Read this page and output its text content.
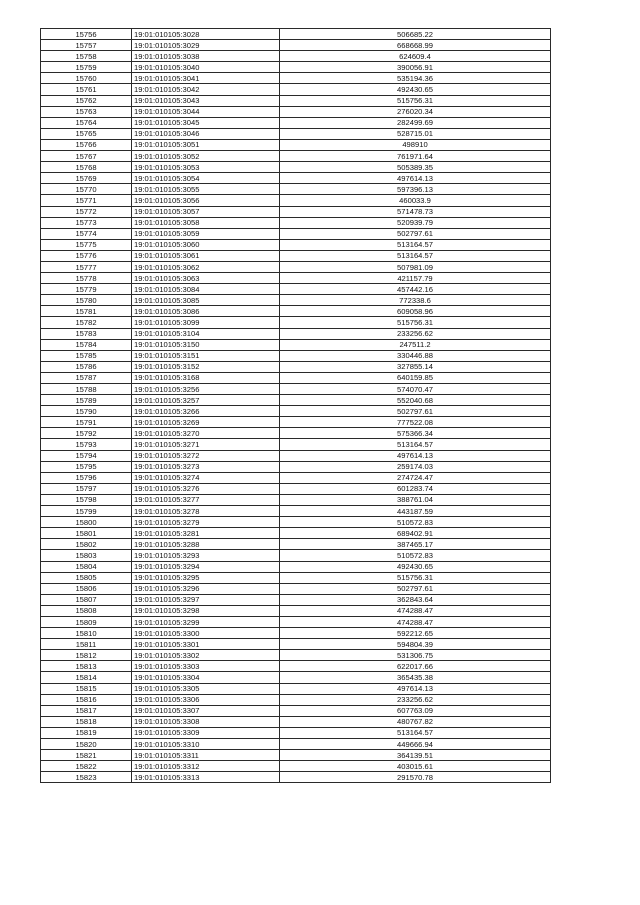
15756	19:01:010105:3028	506685.22
15757	19:01:010105:3029	668668.99
15758	19:01:010105:3038	624609.4
15759	19:01:010105:3040	390056.91
15760	19:01:010105:3041	535194.36
15761	19:01:010105:3042	492430.65
15762	19:01:010105:3043	515756.31
15763	19:01:010105:3044	276020.34
15764	19:01:010105:3045	282499.69
15765	19:01:010105:3046	528715.01
15766	19:01:010105:3051	498910
15767	19:01:010105:3052	761971.64
15768	19:01:010105:3053	505389.35
15769	19:01:010105:3054	497614.13
15770	19:01:010105:3055	597396.13
15771	19:01:010105:3056	460033.9
15772	19:01:010105:3057	571478.73
15773	19:01:010105:3058	520939.79
15774	19:01:010105:3059	502797.61
15775	19:01:010105:3060	513164.57
15776	19:01:010105:3061	513164.57
15777	19:01:010105:3062	507981.09
15778	19:01:010105:3063	421157.79
15779	19:01:010105:3084	457442.16
15780	19:01:010105:3085	772338.6
15781	19:01:010105:3086	609058.96
15782	19:01:010105:3099	515756.31
15783	19:01:010105:3104	233256.62
15784	19:01:010105:3150	247511.2
15785	19:01:010105:3151	330446.88
15786	19:01:010105:3152	327855.14
15787	19:01:010105:3168	640159.85
15788	19:01:010105:3256	574070.47
15789	19:01:010105:3257	552040.68
15790	19:01:010105:3266	502797.61
15791	19:01:010105:3269	777522.08
15792	19:01:010105:3270	575366.34
15793	19:01:010105:3271	513164.57
15794	19:01:010105:3272	497614.13
15795	19:01:010105:3273	259174.03
15796	19:01:010105:3274	274724.47
15797	19:01:010105:3276	601283.74
15798	19:01:010105:3277	388761.04
15799	19:01:010105:3278	443187.59
15800	19:01:010105:3279	510572.83
15801	19:01:010105:3281	689402.91
15802	19:01:010105:3288	387465.17
15803	19:01:010105:3293	510572.83
15804	19:01:010105:3294	492430.65
15805	19:01:010105:3295	515756.31
15806	19:01:010105:3296	502797.61
15807	19:01:010105:3297	362843.64
15808	19:01:010105:3298	474288.47
15809	19:01:010105:3299	474288.47
15810	19:01:010105:3300	592212.65
15811	19:01:010105:3301	594804.39
15812	19:01:010105:3302	531306.75
15813	19:01:010105:3303	622017.66
15814	19:01:010105:3304	365435.38
15815	19:01:010105:3305	497614.13
15816	19:01:010105:3306	233256.62
15817	19:01:010105:3307	607763.09
15818	19:01:010105:3308	480767.82
15819	19:01:010105:3309	513164.57
15820	19:01:010105:3310	449666.94
15821	19:01:010105:3311	364139.51
15822	19:01:010105:3312	403015.61
15823	19:01:010105:3313	291570.78
